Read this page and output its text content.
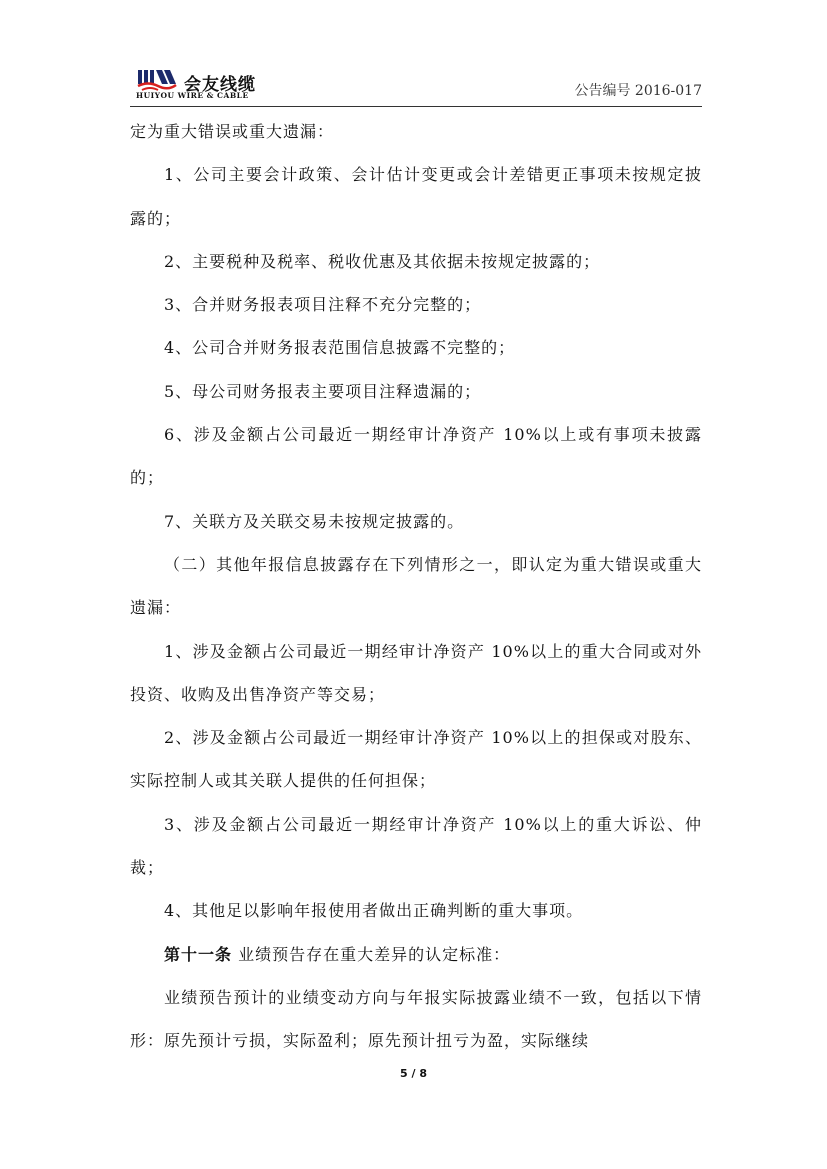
会友线缆
HUIYOU WIRE & CABLE	公告编号 2016-017

定为重大错误或重大遗漏：

1、公司主要会计政策、会计估计变更或会计差错更正事项未按规定披露的；

2、主要税种及税率、税收优惠及其依据未按规定披露的；

3、合并财务报表项目注释不充分完整的；

4、公司合并财务报表范围信息披露不完整的；

5、母公司财务报表主要项目注释遗漏的；

6、涉及金额占公司最近一期经审计净资产 10%以上或有事项未披露的；

7、关联方及关联交易未按规定披露的。

（二）其他年报信息披露存在下列情形之一，即认定为重大错误或重大遗漏：

1、涉及金额占公司最近一期经审计净资产 10%以上的重大合同或对外投资、收购及出售净资产等交易；

2、涉及金额占公司最近一期经审计净资产 10%以上的担保或对股东、实际控制人或其关联人提供的任何担保；

3、涉及金额占公司最近一期经审计净资产 10%以上的重大诉讼、仲裁；

4、其他足以影响年报使用者做出正确判断的重大事项。

第十一条 业绩预告存在重大差异的认定标准：

业绩预告预计的业绩变动方向与年报实际披露业绩不一致，包括以下情形：原先预计亏损，实际盈利；原先预计扭亏为盈，实际继续

5 / 8
